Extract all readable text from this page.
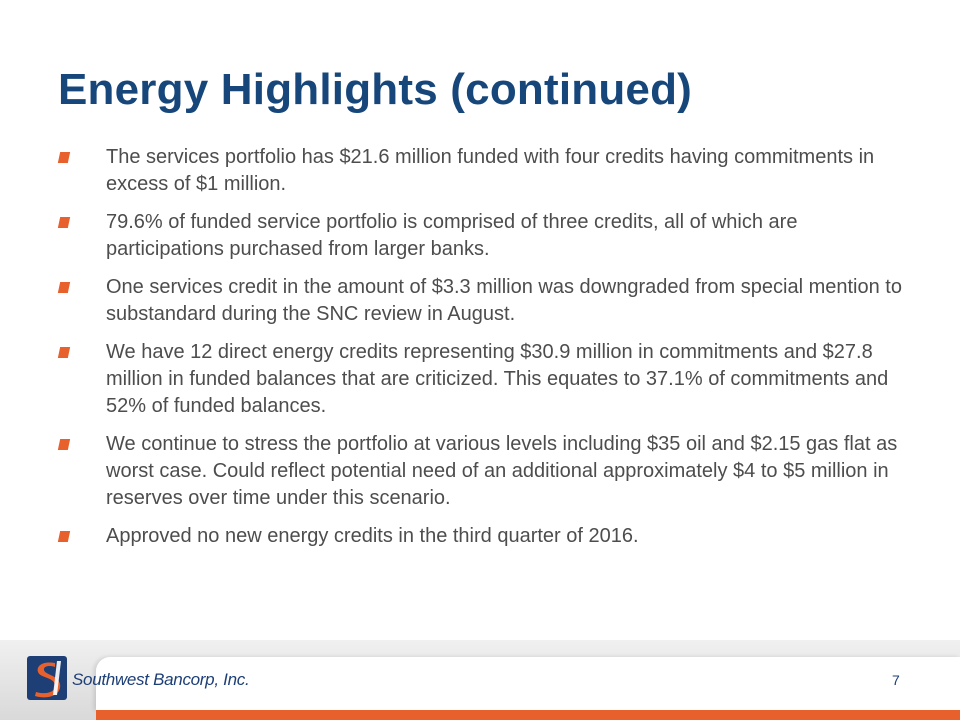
Energy Highlights (continued)
The services portfolio has $21.6 million funded with four credits having commitments in excess of $1 million.
79.6% of funded service portfolio is comprised of three credits, all of which are participations purchased from larger banks.
One services credit in the amount of $3.3 million was downgraded from special mention to substandard during the SNC review in August.
We have 12 direct energy credits representing $30.9 million in commitments and $27.8 million in funded balances that are criticized. This equates to 37.1% of commitments and 52% of funded balances.
We continue to stress the portfolio at various levels including $35 oil and $2.15 gas flat as worst case. Could reflect potential need of an additional approximately $4 to $5 million in reserves over time under this scenario.
Approved no new energy credits in the third quarter of 2016.
Southwest Bancorp, Inc.	7
